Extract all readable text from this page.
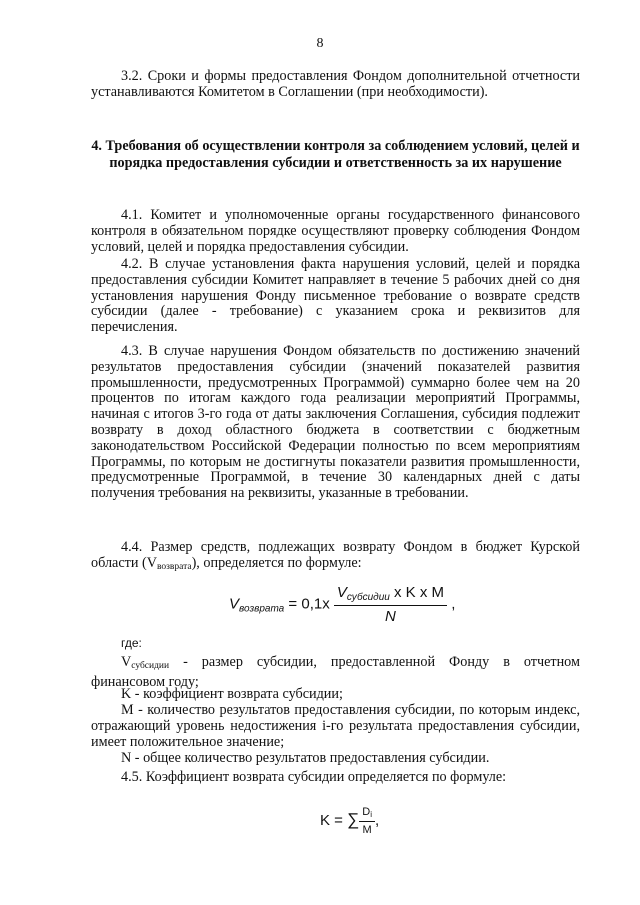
8

3.2. Сроки и формы предоставления Фондом дополнительной отчетности устанавливаются Комитетом в Соглашении (при необходимости).

4. Требования об осуществлении контроля за соблюдением условий, целей и порядка предоставления субсидии и ответственность за их нарушение

4.1. Комитет и уполномоченные органы государственного финансового контроля в обязательном порядке осуществляют проверку соблюдения Фондом условий, целей и порядка предоставления субсидии.

4.2. В случае установления факта нарушения условий, целей и порядка предоставления субсидии Комитет направляет в течение 5 рабочих дней со дня установления нарушения Фонду письменное требование о возврате средств субсидии (далее - требование) с указанием срока и реквизитов для перечисления.

4.3. В случае нарушения Фондом обязательств по достижению значений результатов предоставления субсидии (значений показателей развития промышленности, предусмотренных Программой) суммарно более чем на 20 процентов по итогам каждого года реализации мероприятий Программы, начиная с итогов 3-го года от даты заключения Соглашения, субсидия подлежит возврату в доход областного бюджета в соответствии с бюджетным законодательством Российской Федерации полностью по всем мероприятиям Программы, по которым не достигнуты показатели развития промышленности, предусмотренные Программой, в течение 30 календарных дней с даты получения требования на реквизиты, указанные в требовании.

4.4. Размер средств, подлежащих возврату Фондом в бюджет Курской области $(V_{возврата})$, определяется по формуле:

$V_{возврата} = 0,1x \frac{V_{субсидии} x K x M}{N}$ ,
где:

$V_{субсидии}$ - размер субсидии, предоставленной Фонду в отчетном финансовом году;

K - коэффициент возврата субсидии;

М - количество результатов предоставления субсидии, по которым индекс, отражающий уровень недостижения i-го результата предоставления субсидии, имеет положительное значение;

N - общее количество результатов предоставления субсидии.

4.5. Коэффициент возврата субсидии определяется по формуле:

K = ∑ $\frac{Di}{M}$ ,
